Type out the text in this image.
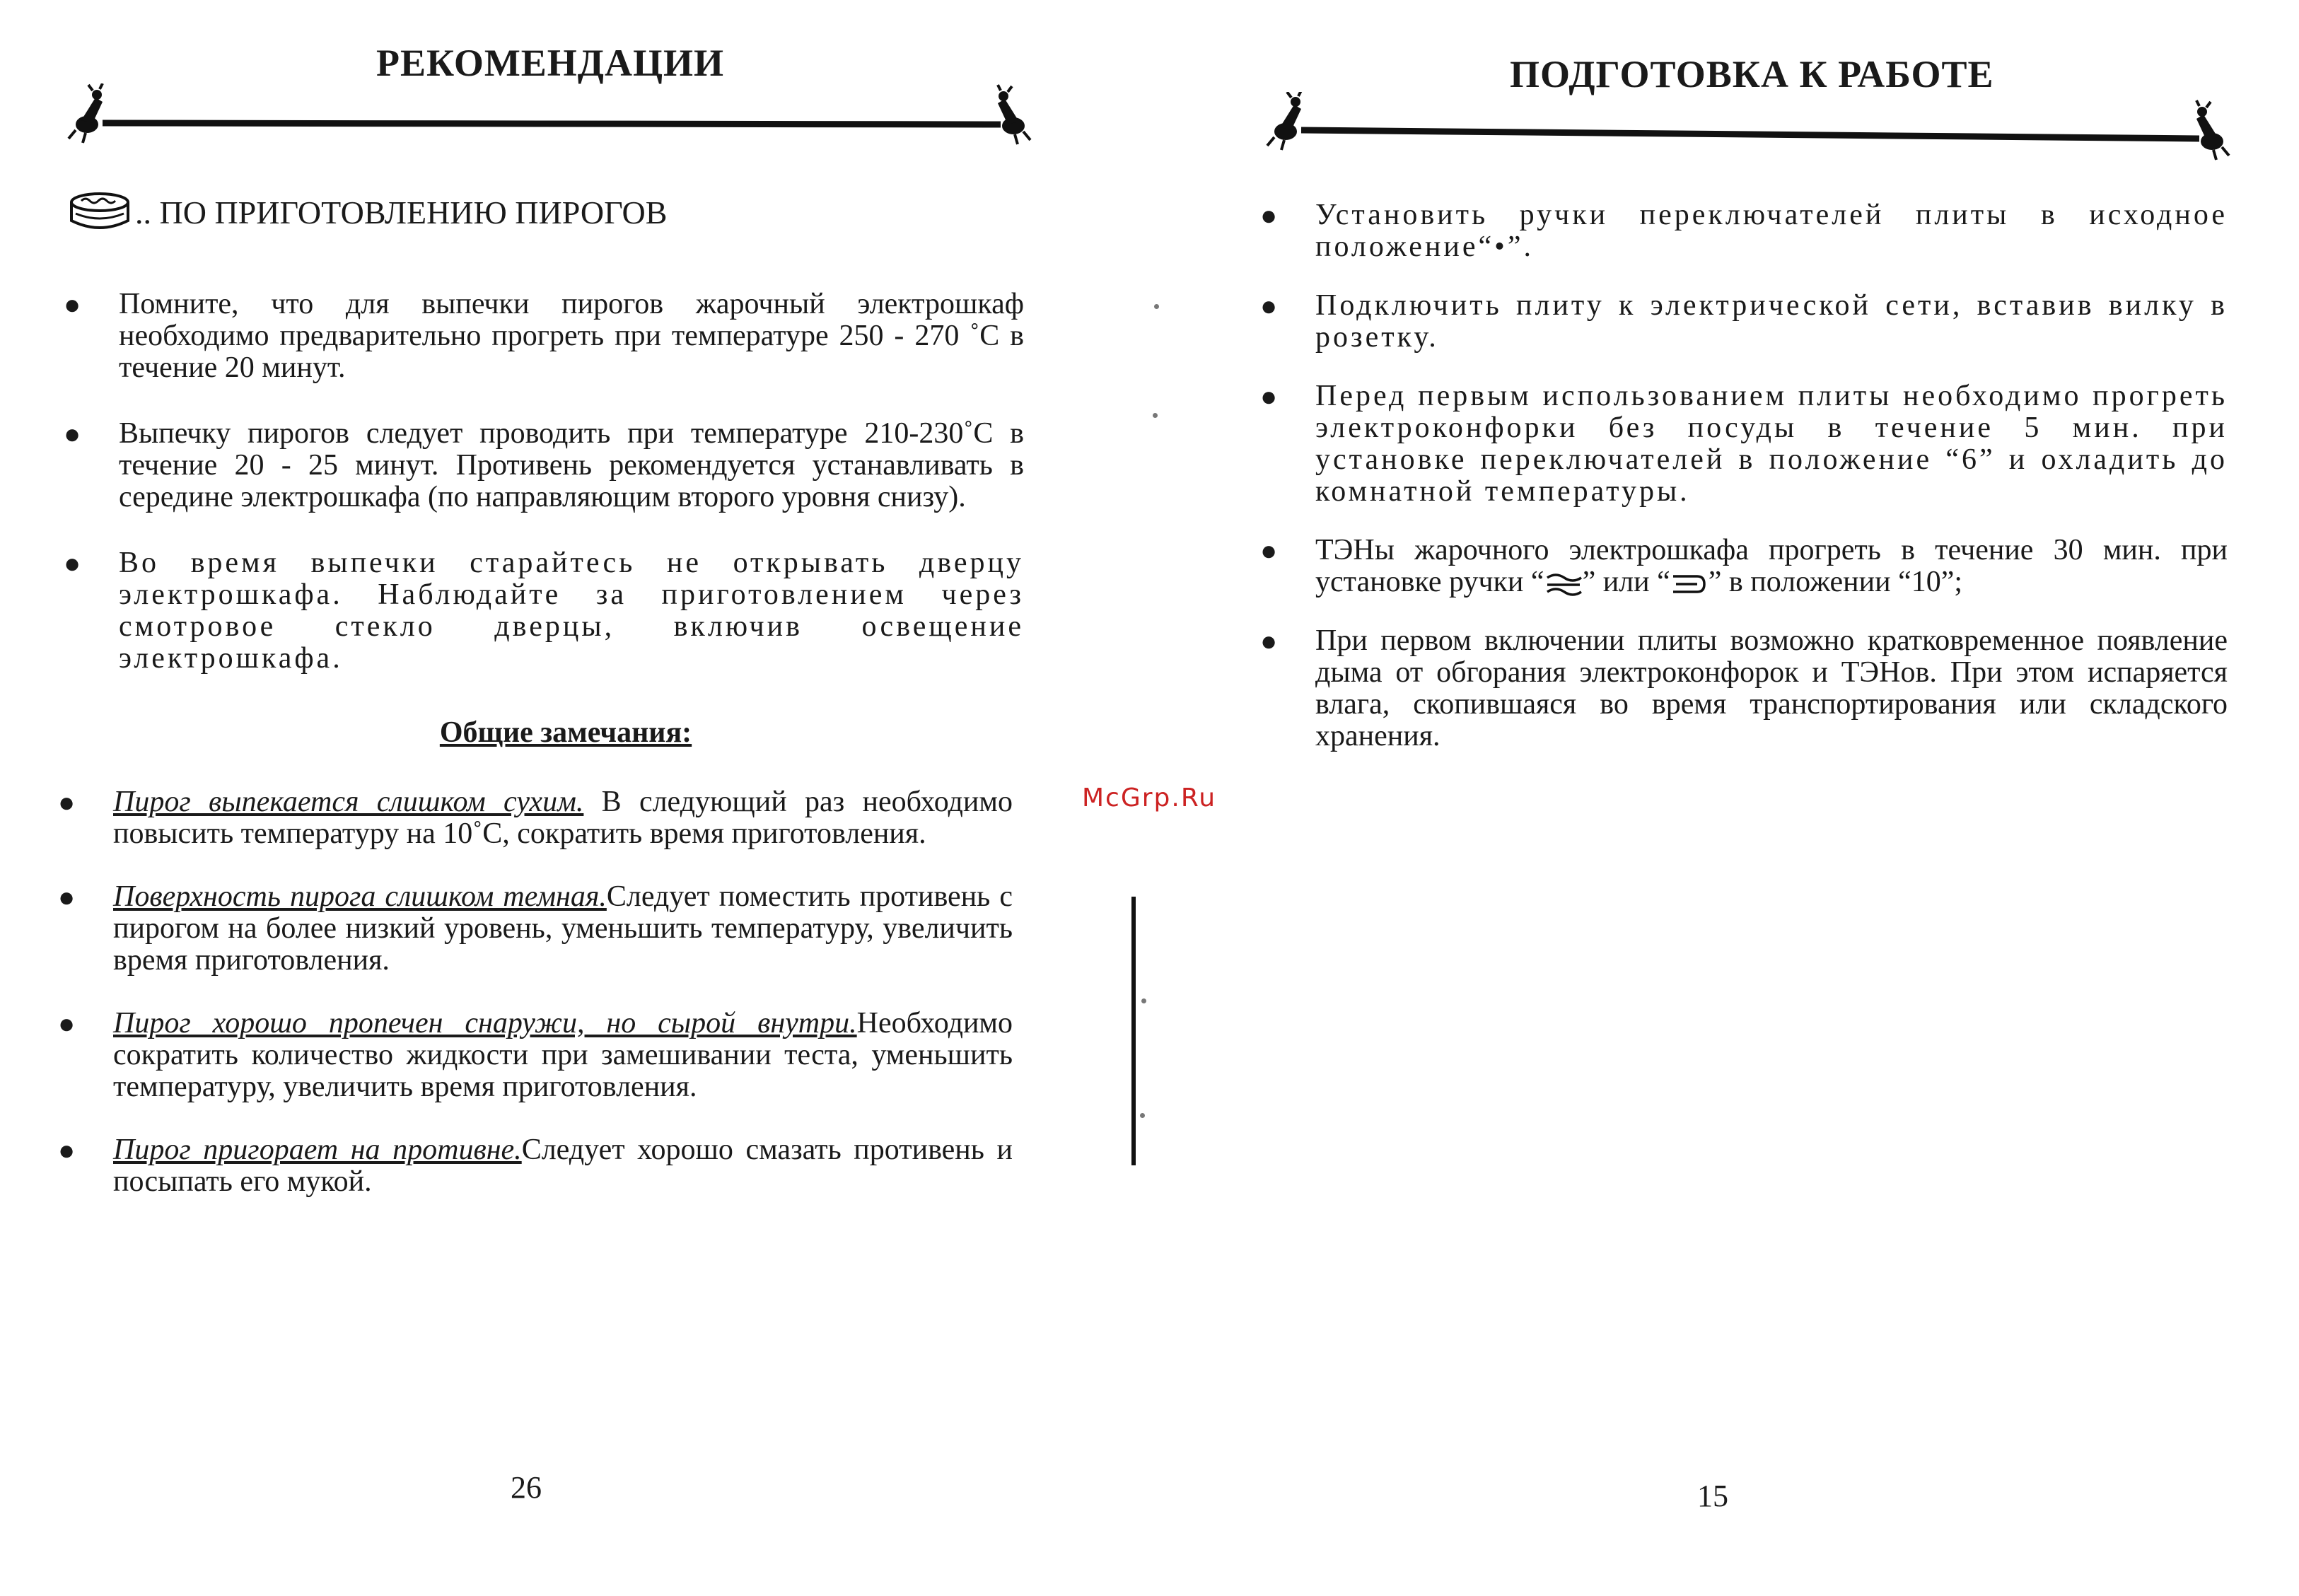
РЕКОМЕНДАЦИИ
.. ПО ПРИГОТОВЛЕНИЮ ПИРОГОВ
● Помните, что для выпечки пирогов жарочный электрошкаф необходимо предварительно прогреть при температуре 250 - 270 ˚С в течение 20 минут.
● Выпечку пирогов следует проводить при температуре 210-230˚С в течение 20 - 25 минут. Противень рекомендуется устанавливать в середине электрошкафа (по направляющим второго уровня снизу).
● Во время выпечки старайтесь не открывать дверцу электрошкафа. Наблюдайте за приготовлением через смотровое стекло дверцы, включив освещение электрошкафа.
Общие замечания:
● Пирог выпекается слишком сухим. В следующий раз необходимо повысить температуру на 10˚С, сократить время приготовления.
● Поверхность пирога слишком темная.Следует поместить противень с пирогом на более низкий уровень, уменьшить температуру, увеличить время приготовления.
● Пирог хорошо пропечен снаружи, но сырой внутри.Необходимо сократить количество жидкости при замешивании теста, уменьшить температуру, увеличить время приготовления.
● Пирог пригорает на противне.Следует хорошо смазать противень и посыпать его мукой.
26
McGrp.Ru
ПОДГОТОВКА К РАБОТЕ
● Установить ручки переключателей плиты в исходное положение“•”.
● Подключить плиту к электрической сети, вставив вилку в розетку.
● Перед первым использованием плиты необходимо прогреть электроконфорки без посуды в течение 5 мин. при установке переключателей в положение “6” и охладить до комнатной температуры.
● ТЭНы жарочного электрошкафа прогреть в течение 30 мин. при установке ручки “ ” или “ ” в положении “10”;
● При первом включении плиты возможно кратковременное появление дыма от обгорания электроконфорок и ТЭНов. При этом испаряется влага, скопившаяся во время транспортирования или складского хранения.
15
